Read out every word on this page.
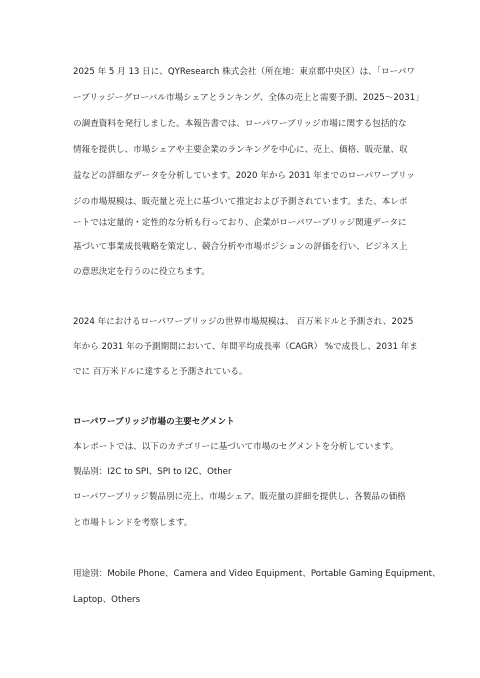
2025 年 5 月 13 日に、QYResearch 株式会社（所在地：東京都中央区）は、「ローパワ
ーブリッジーグローバル市場シェアとランキング、全体の売上と需要予測、2025〜2031」
の調査資料を発行しました。本報告書では、ローパワーブリッジ市場に関する包括的な
情報を提供し、市場シェアや主要企業のランキングを中心に、売上、価格、販売量、収
益などの詳細なデータを分析しています。2020 年から 2031 年までのローパワーブリッ
ジの市場規模は、販売量と売上に基づいて推定および予測されています。また、本レポ
ートでは定量的・定性的な分析も行っており、企業がローパワーブリッジ関連データに
基づいて事業成長戦略を策定し、競合分析や市場ポジションの評価を行い、ビジネス上
の意思決定を行うのに役立ちます。
2024 年におけるローパワーブリッジの世界市場規模は、 百万米ドルと予測され、2025
年から 2031 年の予測期間において、年間平均成長率（CAGR） %で成長し、2031 年ま
でに 百万米ドルに達すると予測されている。
ローパワーブリッジ市場の主要セグメント
本レポートでは、以下のカテゴリーに基づいて市場のセグメントを分析しています。
製品別：I2C to SPI、SPI to I2C、Other
ローパワーブリッジ製品別に売上、市場シェア、販売量の詳細を提供し、各製品の価格
と市場トレンドを考察します。
用途別：Mobile Phone、Camera and Video Equipment、Portable Gaming Equipment、
Laptop、Others
